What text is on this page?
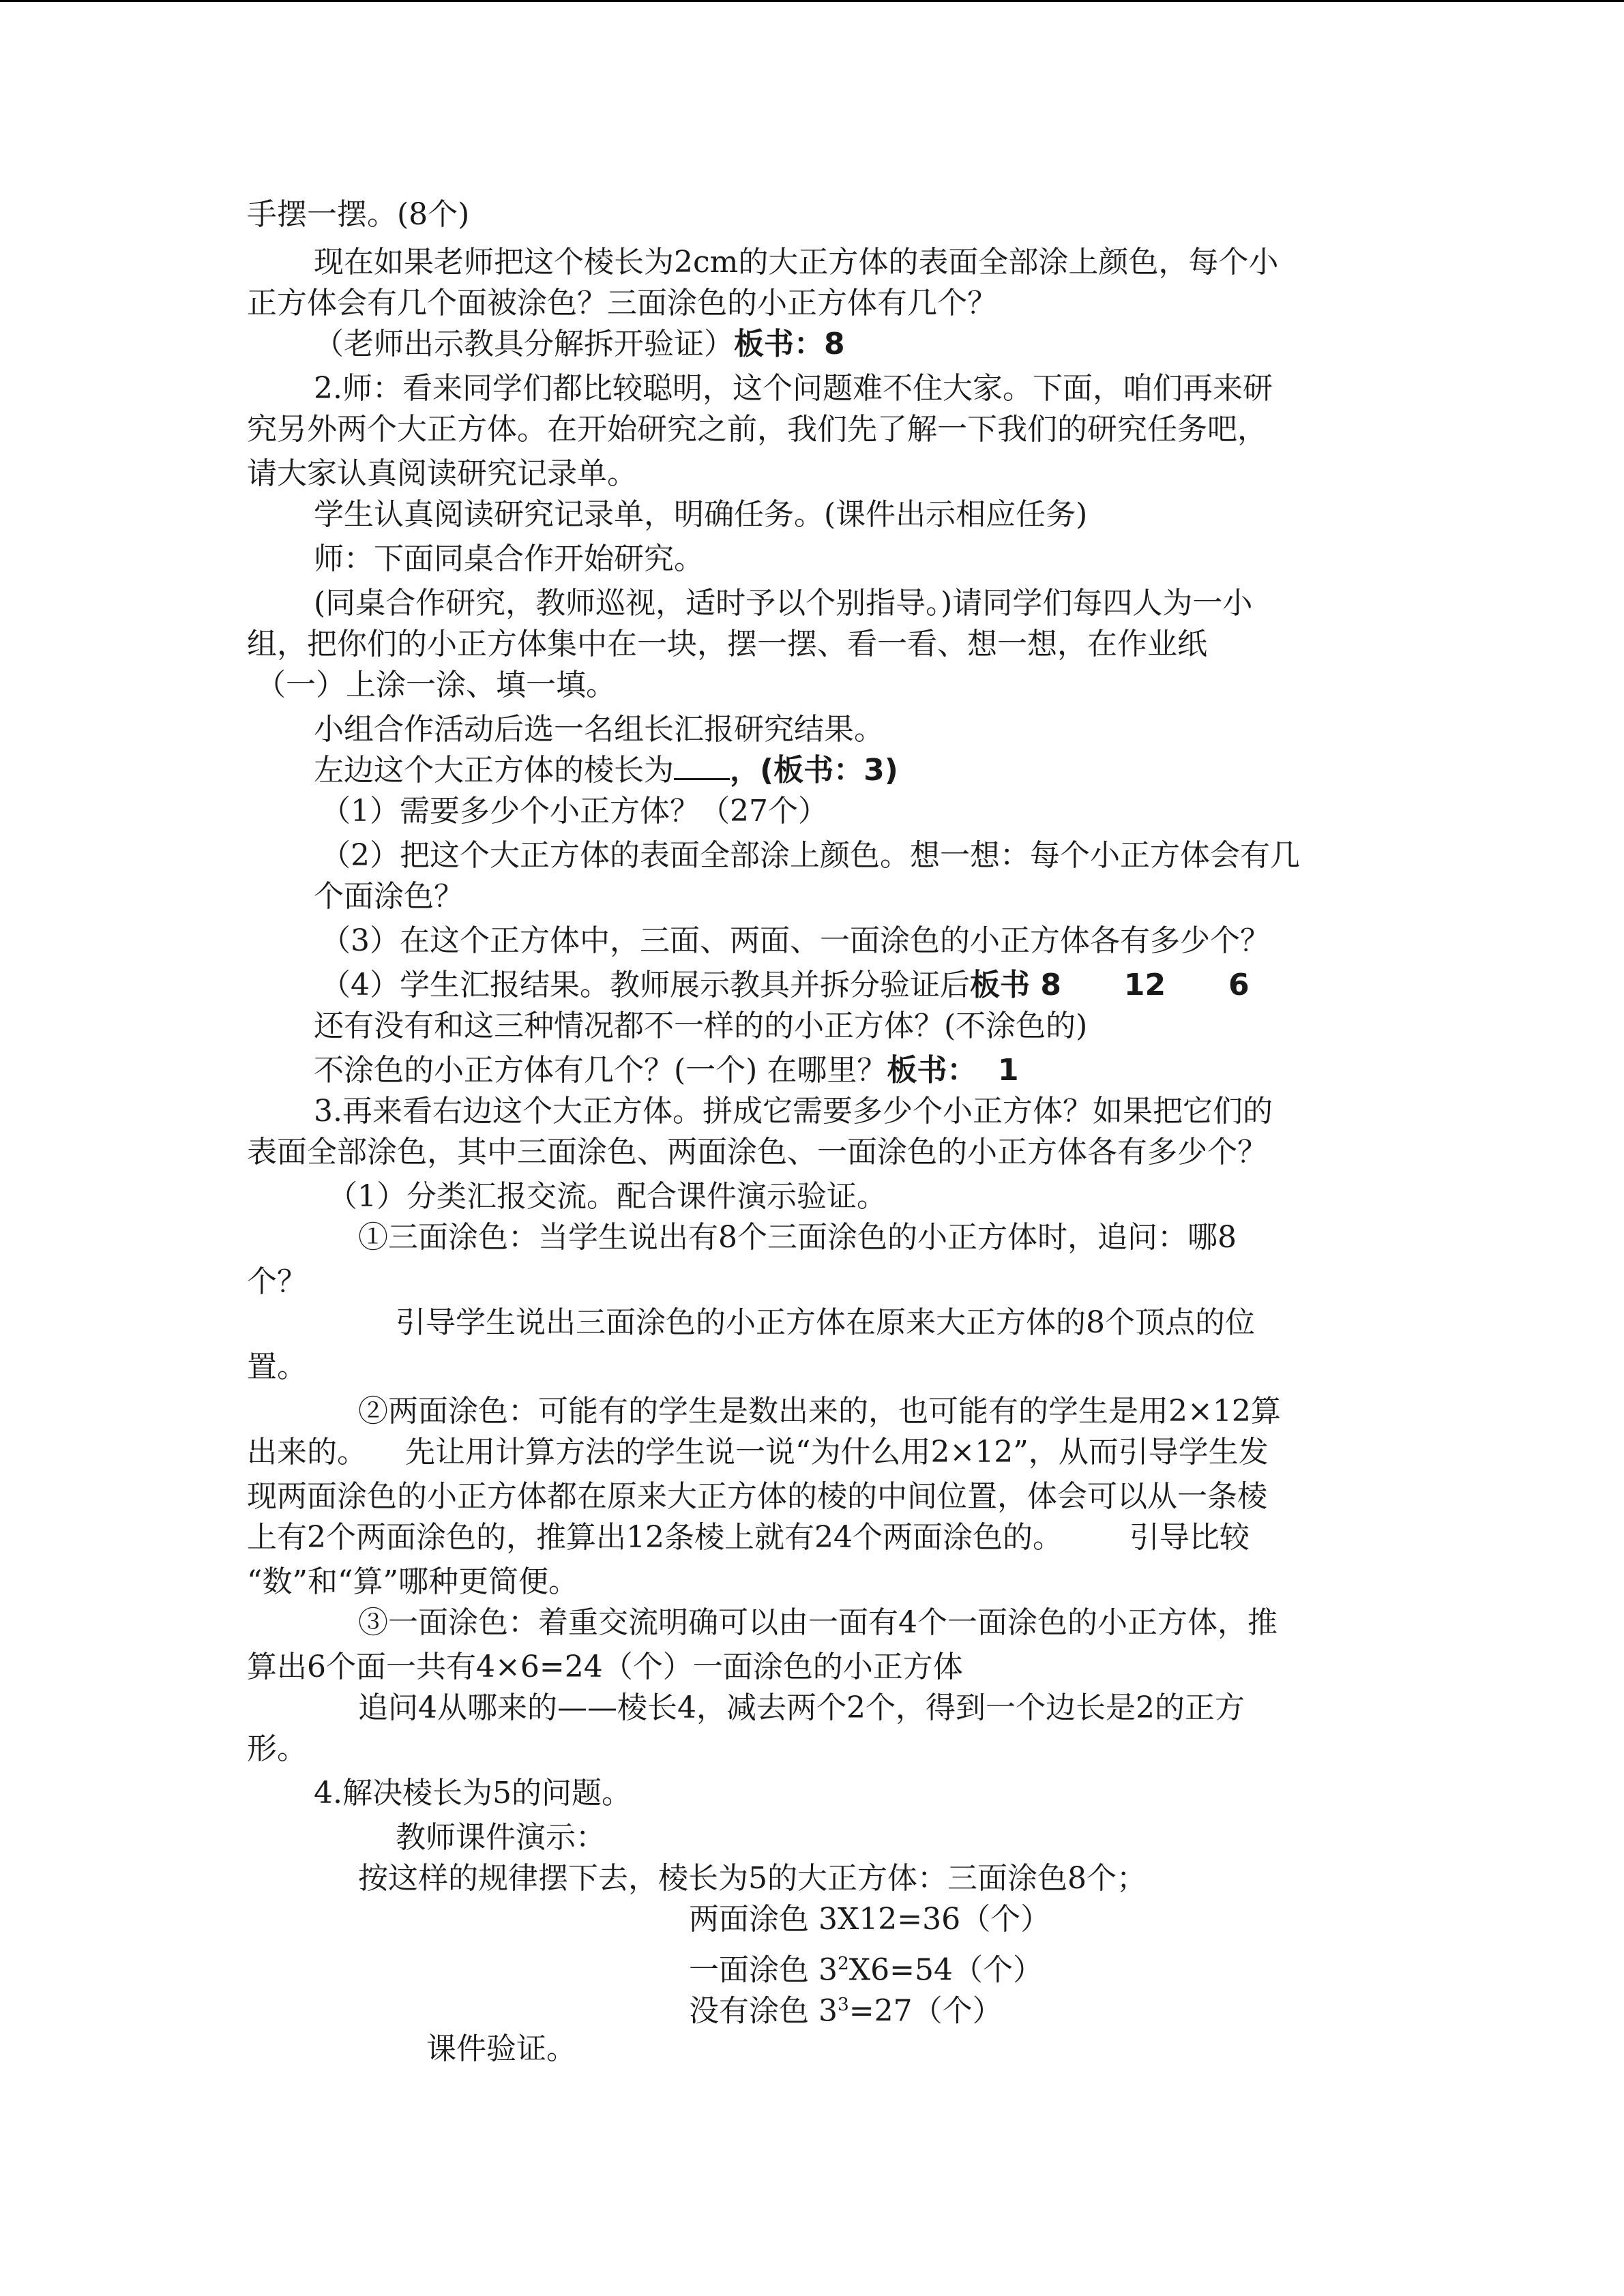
手摆一摆。(8个)
现在如果老师把这个棱长为2cm的大正方体的表面全部涂上颜色，每个小
正方体会有几个面被涂色？三面涂色的小正方体有几个？
（老师出示教具分解拆开验证）板书：8
2.师：看来同学们都比较聪明，这个问题难不住大家。下面，咱们再来研
究另外两个大正方体。在开始研究之前，我们先了解一下我们的研究任务吧，
请大家认真阅读研究记录单。
学生认真阅读研究记录单，明确任务。(课件出示相应任务)
师：下面同桌合作开始研究。
(同桌合作研究，教师巡视，适时予以个别指导。)请同学们每四人为一小
组，把你们的小正方体集中在一块，摆一摆、看一看、想一想，在作业纸
（一）上涂一涂、填一填。
小组合作活动后选一名组长汇报研究结果。
左边这个大正方体的棱长为 ，(板书：3)
（1）需要多少个小正方体？（27个）
（2）把这个大正方体的表面全部涂上颜色。想一想：每个小正方体会有几
个面涂色？
（3）在这个正方体中，三面、两面、一面涂色的小正方体各有多少个？
（4）学生汇报结果。教师展示教具并拆分验证后板书 8      12      6
还有没有和这三种情况都不一样的的小正方体？(不涂色的)
不涂色的小正方体有几个？(一个) 在哪里？板书：  1
3.再来看右边这个大正方体。拼成它需要多少个小正方体？如果把它们的
表面全部涂色，其中三面涂色、两面涂色、一面涂色的小正方体各有多少个？
（1）分类汇报交流。配合课件演示验证。
①三面涂色：当学生说出有8个三面涂色的小正方体时，追问：哪8
个？
引导学生说出三面涂色的小正方体在原来大正方体的8个顶点的位
置。
②两面涂色：可能有的学生是数出来的，也可能有的学生是用2×12算
出来的。    先让用计算方法的学生说一说“为什么用2×12”，从而引导学生发
现两面涂色的小正方体都在原来大正方体的棱的中间位置，体会可以从一条棱
上有2个两面涂色的，推算出12条棱上就有24个两面涂色的。       引导比较
“数”和“算”哪种更简便。
③一面涂色：着重交流明确可以由一面有4个一面涂色的小正方体，推
算出6个面一共有4×6=24（个）一面涂色的小正方体
追问4从哪来的——棱长4，减去两个2个，得到一个边长是2的正方
形。
4.解决棱长为5的问题。
教师课件演示：
按这样的规律摆下去，棱长为5的大正方体：三面涂色8个；
两面涂色 3X12=36（个）
一面涂色 $3^2X6=54$（个）
没有涂色 $3^3=27$（个）
课件验证。
